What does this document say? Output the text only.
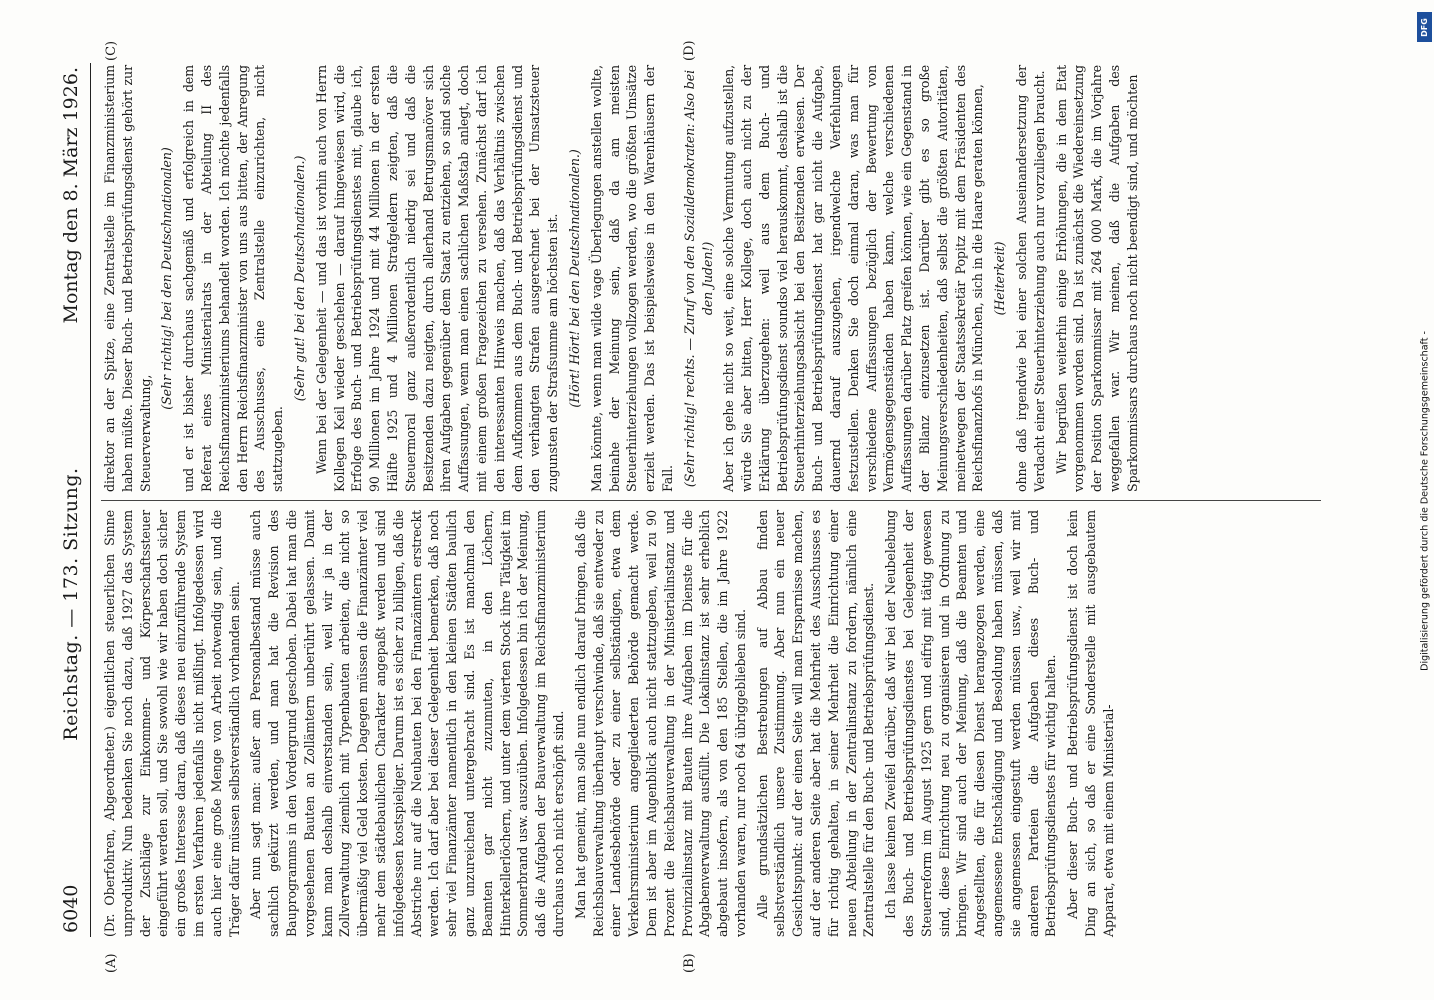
6040
Reichstag. — 173. Sitzung.
Montag den 8. März 1926.

(Dr. Oberfohren, Abgeordneter.) eigentlichen steuerlichen Sinne unproduktiv. Nun bedenken Sie noch dazu, daß 1927 das System der Zuschläge zur Einkommen- und Körperschaftssteuer eingeführt werden soll, und Sie sowohl wie wir haben doch sicher ein großes Interesse daran, daß dieses neu einzuführende System im ersten Verfahren jedenfalls nicht mißlingt. Infolgedessen wird auch hier eine große Menge von Arbeit notwendig sein, und die Träger dafür müssen selbstverständlich vorhanden sein. Aber nun sagt man: außer am Personalbestand müsse auch sachlich gekürzt werden, und man hat die Revision des Bauprogramms in den Vordergrund geschoben. Dabei hat man die vorgesehenen Bauten an Zollämtern unberührt gelassen. Damit kann man deshalb einverstanden sein, weil wir ja in der Zollverwaltung ziemlich mit Typenbauten arbeiten, die nicht so übermäßig viel Geld kosten. Dagegen müssen die Finanzämter viel mehr dem städtebaulichen Charakter angepaßt werden und sind infolgedessen kostspieliger. Darum ist es sicher zu billigen, daß die Abstriche nur auf die Neubauten bei den Finanzämtern erstreckt werden. Ich darf aber bei dieser Gelegenheit bemerken, daß noch sehr viel Finanzämter namentlich in den kleinen Städten baulich ganz unzureichend untergebracht sind. Es ist manchmal den Beamten gar nicht zuzumuten, in den Löchern, Hinterkellerlöchern, und unter dem vierten Stock ihre Tätigkeit im Sommerbrand usw. auszuüben. Infolgedessen bin ich der Meinung, daß die Aufgaben der Bauverwaltung im Reichsfinanzministerium durchaus noch nicht erschöpft sind. Man hat gemeint, man solle nun endlich darauf bringen, daß die Reichsbauverwaltung überhaupt verschwinde, daß sie entweder zu einer Landesbehörde oder zu einer selbständigen, etwa dem Verkehrsministerium angegliederten Behörde gemacht werde. Dem ist aber im Augenblick auch nicht stattzugeben, weil zu 90 Prozent die Reichsbauverwaltung in der Ministerialinstanz und Provinzialinstanz mit Bauten ihre Aufgaben im Dienste für die Abgabenverwaltung ausfüllt. Die Lokalinstanz ist sehr erheblich abgebaut insofern, als von den 185 Stellen, die im Jahre 1922 vorhanden waren, nur noch 64 übriggeblieben sind. Alle grundsätzlichen Bestrebungen auf Abbau finden selbstverständlich unsere Zustimmung. Aber nun ein neuer Gesichtspunkt: auf der einen Seite will man Ersparnisse machen, auf der anderen Seite aber hat die Mehrheit des Ausschusses es für richtig gehalten, in seiner Mehrheit die Einrichtung einer neuen Abteilung in der Zentralinstanz zu fordern, nämlich eine Zentralstelle für den Buch- und Betriebsprüfungsdienst. Ich lasse keinen Zweifel darüber, daß wir bei der Neubelebung des Buch- und Betriebsprüfungsdienstes bei Gelegenheit der Steuerreform im August 1925 gern und eifrig mit tätig gewesen sind, diese Einrichtung neu zu organisieren und in Ordnung zu bringen. Wir sind auch der Meinung, daß die Beamten und Angestellten, die für diesen Dienst herangezogen werden, eine angemessene Entschädigung und Besoldung haben müssen, daß sie angemessen eingestuft werden müssen usw., weil wir mit anderen Parteien die Aufgaben dieses Buch- und Betriebsprüfungsdienstes für wichtig halten. Aber dieser Buch- und Betriebsprüfungsdienst ist doch kein Ding an sich, so daß er eine Sonderstelle mit ausgebautem Apparat, etwa mit einem Ministerial-

direktor an der Spitze, eine Zentralstelle im Finanzministerium haben müßte. Dieser Buch- und Betriebsprüfungsdienst gehört zur Steuerverwaltung,

(Sehr richtig! bei den Deutschnationalen) und er ist bisher durchaus sachgemäß und erfolgreich in dem Referat eines Ministerialrats in der Abteilung II des Reichsfinanzministeriums behandelt worden. Ich möchte jedenfalls den Herrn Reichsfinanzminister von uns aus bitten, der Anregung des Ausschusses, eine Zentralstelle einzurichten, nicht stattzugeben.

(Sehr gut! bei den Deutschnationalen.) Wenn bei der Gelegenheit — und das ist vorhin auch von Herrn Kollegen Keil wieder geschehen — darauf hingewiesen wird, die Erfolge des Buch- und Betriebsprüfungsdienstes mit, glaube ich, 90 Millionen im Jahre 1924 und mit 44 Millionen in der ersten Hälfte 1925 und 4 Millionen Strafgeldern zeigten, daß die Steuermoral ganz außerordentlich niedrig sei und daß die Besitzenden dazu neigten, durch allerhand Betrugsmanöver sich ihren Aufgaben gegenüber dem Staat zu entziehen, so sind solche Auffassungen, wenn man einen sachlichen Maßstab anlegt, doch mit einem großen Fragezeichen zu versehen. Zunächst darf ich den interessanten Hinweis machen, daß das Verhältnis zwischen dem Aufkommen aus dem Buch- und Betriebsprüfungsdienst und den verhängten Strafen ausgerechnet bei der Umsatzsteuer zugunsten der Strafsumme am höchsten ist. (Hört! Hört! bei den Deutschnationalen.) Man könnte, wenn man wilde vage Überlegungen anstellen wollte, beinahe der Meinung sein, daß da am meisten Steuerhinterziehungen vollzogen werden, wo die größten Umsätze erzielt werden. Das ist beispielsweise in den Warenhäusern der Fall. (Sehr richtig! rechts. — Zuruf von den Sozialdemokraten: Also bei den Juden!) Aber ich gehe nicht so weit, eine solche Vermutung aufzustellen, würde Sie aber bitten, Herr Kollege, doch auch nicht zu der Erklärung überzugehen: weil aus dem Buch- und Betriebsprüfungsdienst soundso viel herauskommt, deshalb ist die Steuerhinterziehungsabsicht bei den Besitzenden erwiesen. Der Buch- und Betriebsprüfungsdienst hat gar nicht die Aufgabe, dauernd darauf auszugehen, irgendwelche Verfehlungen festzustellen. Denken Sie doch einmal daran, was man für verschiedene Auffassungen bezüglich der Bewertung von Vermögensgegenständen haben kann, welche verschiedenen Auffassungen darüber Platz greifen können, wie ein Gegenstand in der Bilanz einzusetzen ist. Darüber gibt es so große Meinungsverschiedenheiten, daß selbst die größten Autoritäten, meinetwegen der Staatssekretär Popitz mit dem Präsidenten des Reichsfinanzhofs in München, sich in die Haare geraten können, (Heiterkeit) ohne daß irgendwie bei einer solchen Auseinandersetzung der Verdacht einer Steuerhinterziehung auch nur vorzuliegen braucht. Wir begrüßen weiterhin einige Erhöhungen, die in dem Etat vorgenommen worden sind. Da ist zunächst die Wiedereinsetzung der Position Sparkommissar mit 264 000 Mark, die im Vorjahre weggefallen war. Wir meinen, daß die Aufgaben des Sparkommissars durchaus noch nicht beendigt sind, und möchten

(A)	(B)
(C)	(D)
DFG
Digitalisierung gefördert durch die Deutsche Forschungsgemeinschaft -
